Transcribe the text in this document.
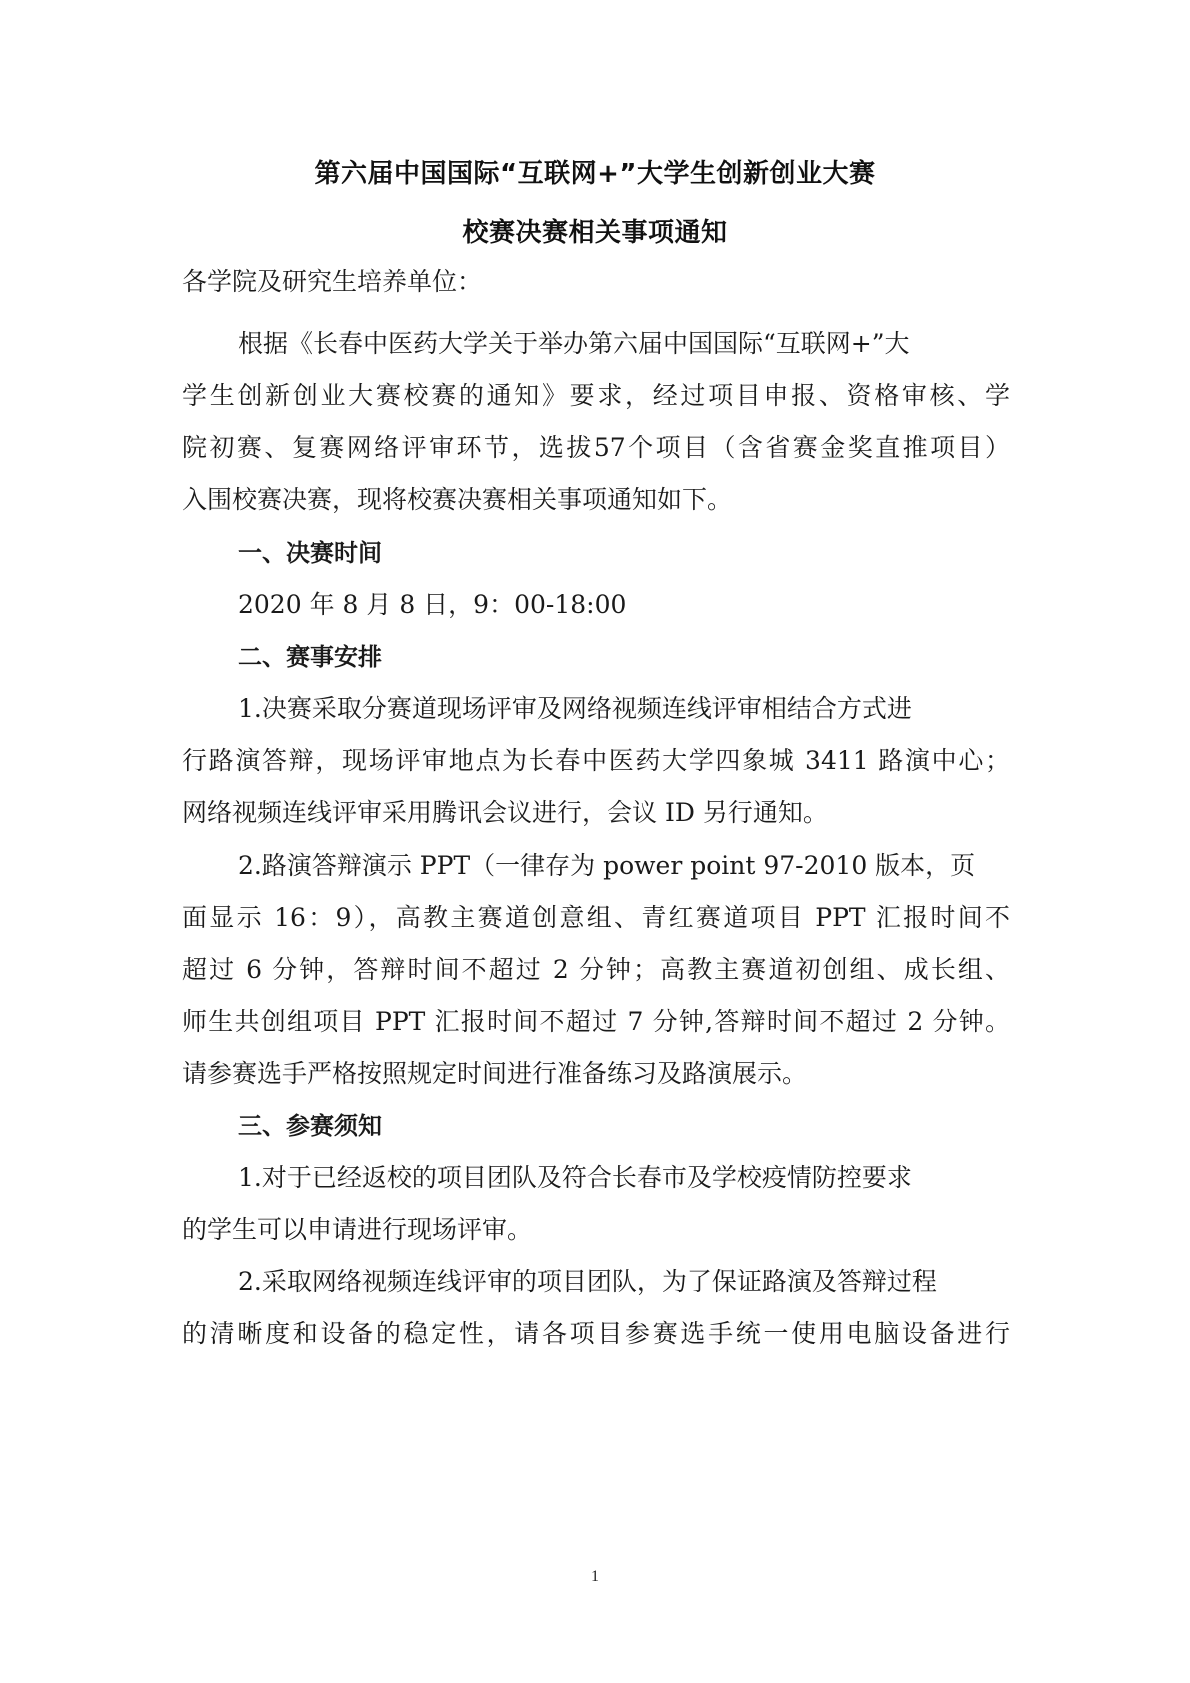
第六届中国国际“互联网+”大学生创新创业大赛
校赛决赛相关事项通知
各学院及研究生培养单位：
根据《长春中医药大学关于举办第六届中国国际“互联网+”大
学生创新创业大赛校赛的通知》要求，经过项目申报、资格审核、学
院初赛、复赛网络评审环节，选拔57个项目（含省赛金奖直推项目）
入围校赛决赛，现将校赛决赛相关事项通知如下。
一、决赛时间
2020 年 8 月 8 日，9：00-18:00
二、赛事安排
1.决赛采取分赛道现场评审及网络视频连线评审相结合方式进
行路演答辩，现场评审地点为长春中医药大学四象城 3411 路演中心；
网络视频连线评审采用腾讯会议进行，会议 ID 另行通知。
2.路演答辩演示 PPT（一律存为 power point 97-2010 版本，页
面显示 16：9），高教主赛道创意组、青红赛道项目 PPT 汇报时间不
超过 6 分钟，答辩时间不超过 2 分钟；高教主赛道初创组、成长组、
师生共创组项目 PPT 汇报时间不超过 7 分钟,答辩时间不超过 2 分钟。
请参赛选手严格按照规定时间进行准备练习及路演展示。
三、参赛须知
1.对于已经返校的项目团队及符合长春市及学校疫情防控要求
的学生可以申请进行现场评审。
2.采取网络视频连线评审的项目团队，为了保证路演及答辩过程
的清晰度和设备的稳定性，请各项目参赛选手统一使用电脑设备进行
1
